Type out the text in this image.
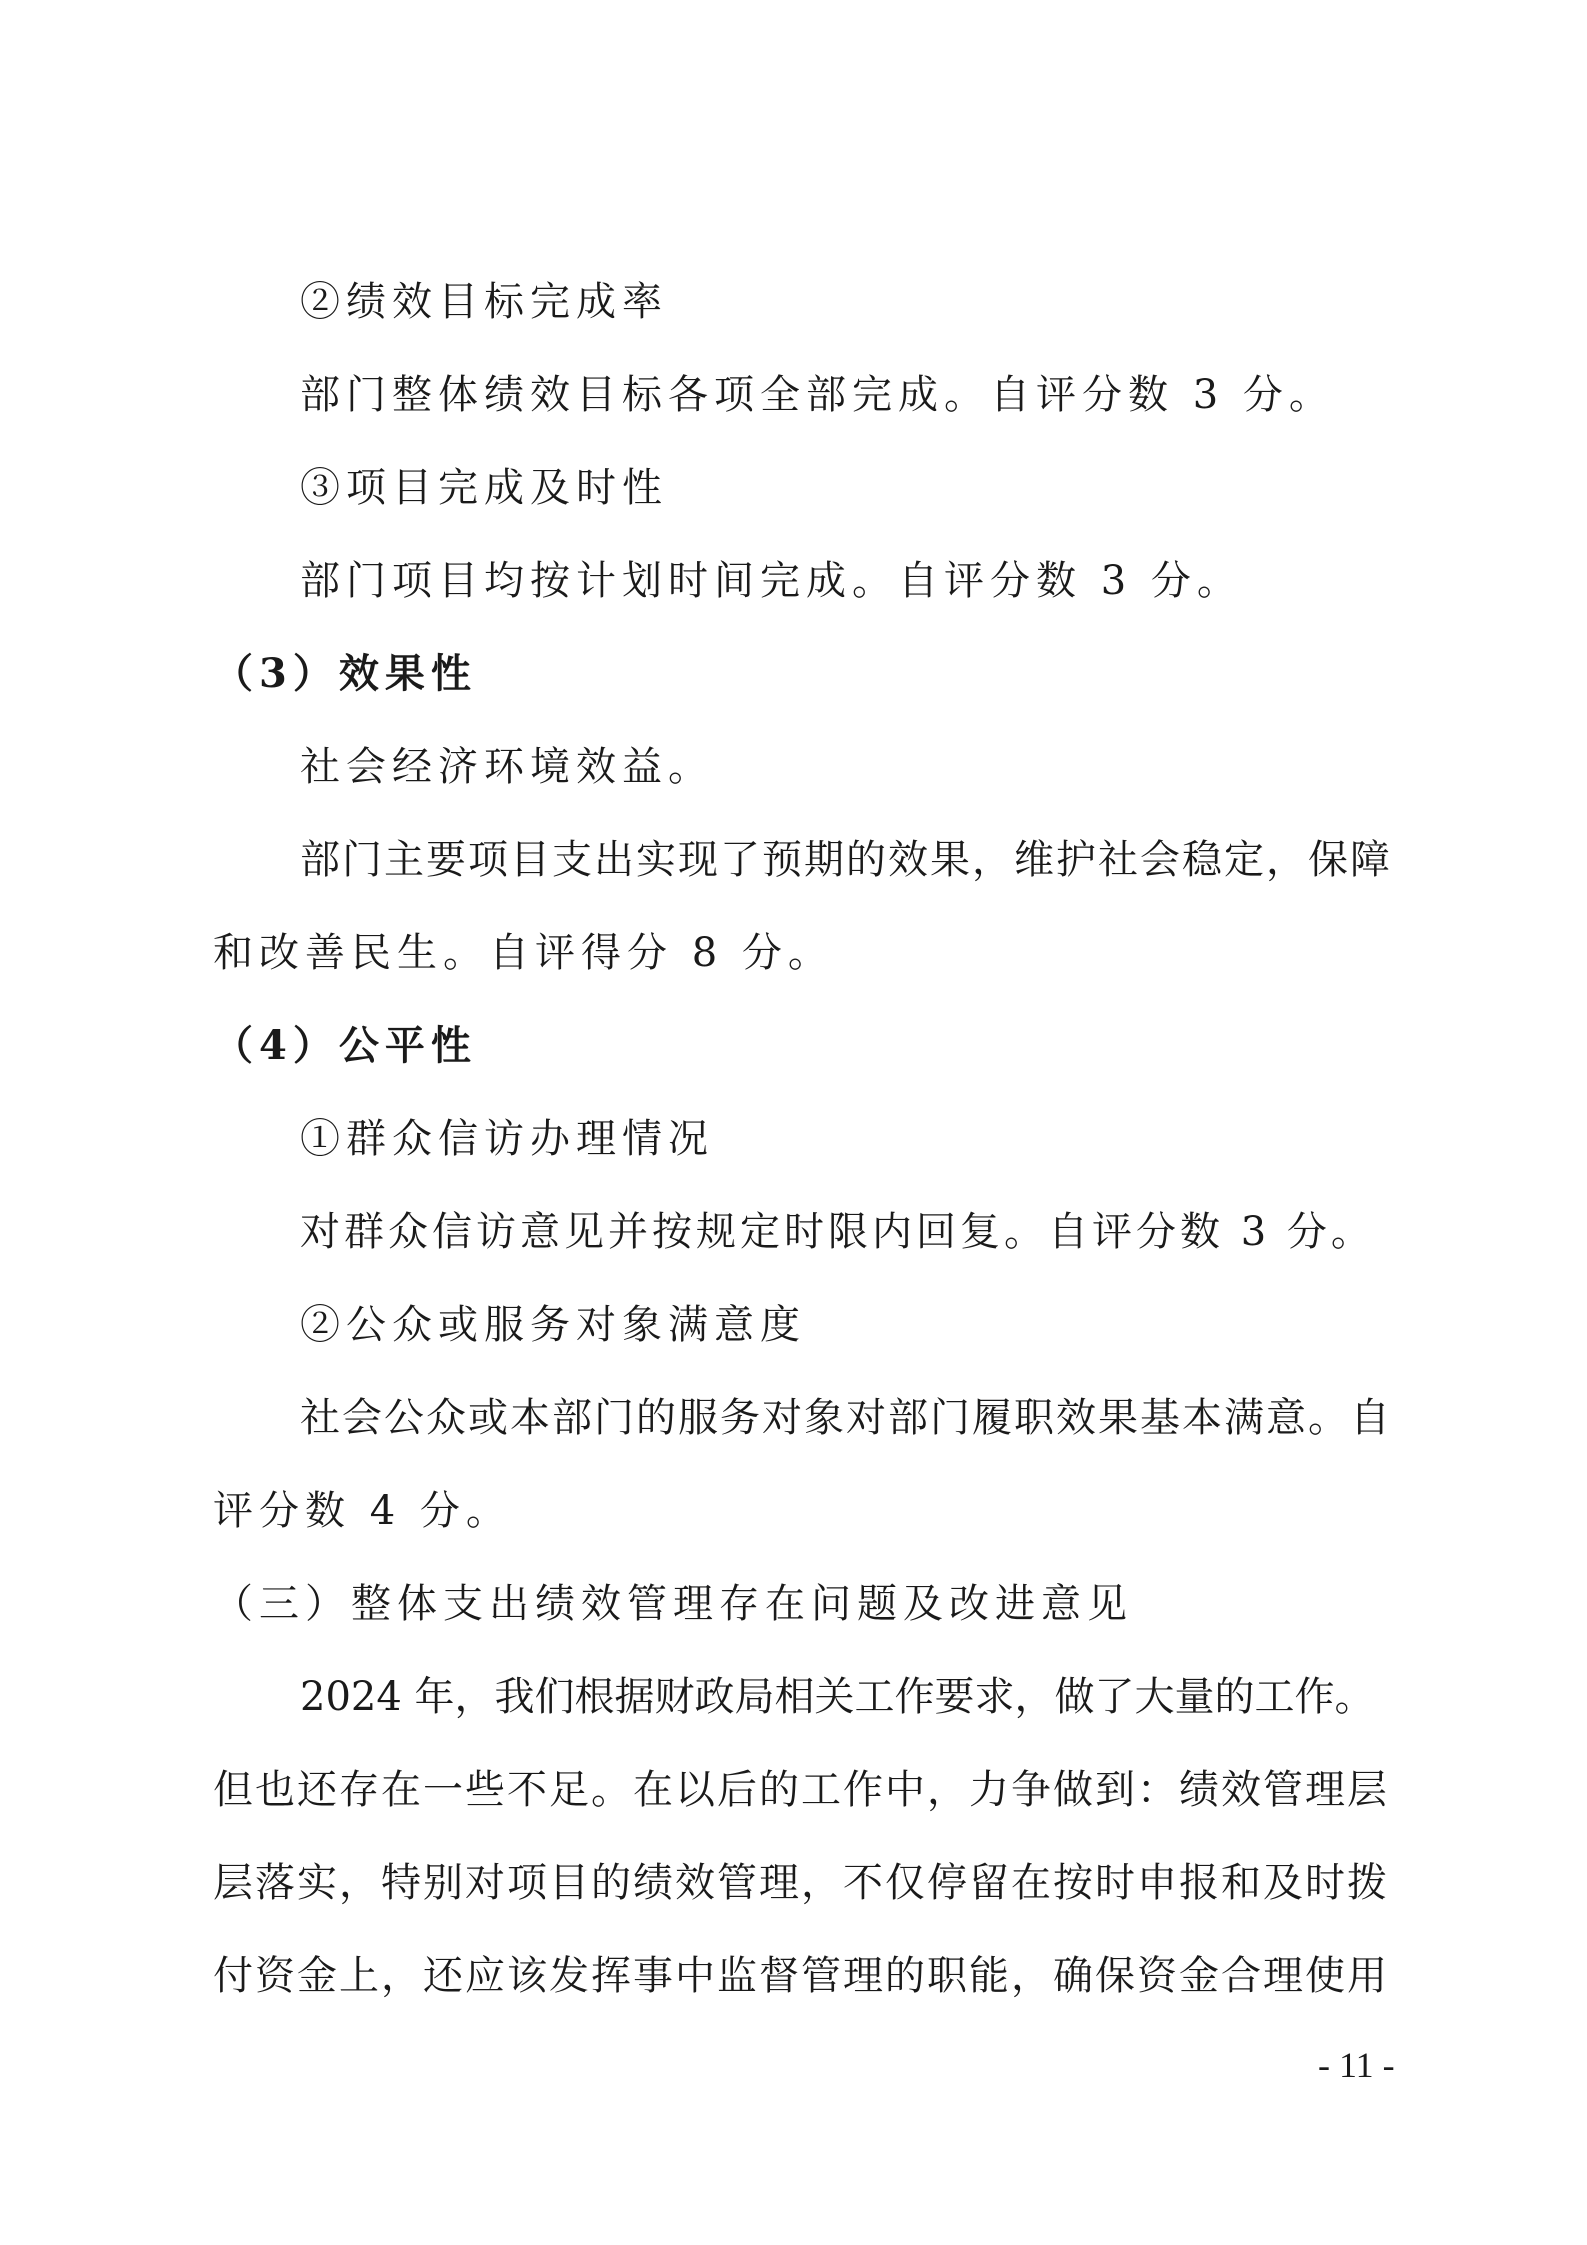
②绩效目标完成率
部门整体绩效目标各项全部完成。自评分数 3 分。
③项目完成及时性
部门项目均按计划时间完成。自评分数 3 分。
（3）效果性
社会经济环境效益。
部门主要项目支出实现了预期的效果，维护社会稳定，保障
和改善民生。自评得分 8 分。
（4）公平性
①群众信访办理情况
对群众信访意见并按规定时限内回复。自评分数 3 分。
②公众或服务对象满意度
社会公众或本部门的服务对象对部门履职效果基本满意。自
评分数 4 分。
（三）整体支出绩效管理存在问题及改进意见
2024 年，我们根据财政局相关工作要求，做了大量的工作。
但也还存在一些不足。在以后的工作中，力争做到：绩效管理层
层落实，特别对项目的绩效管理，不仅停留在按时申报和及时拨
付资金上，还应该发挥事中监督管理的职能，确保资金合理使用
- 11 -
